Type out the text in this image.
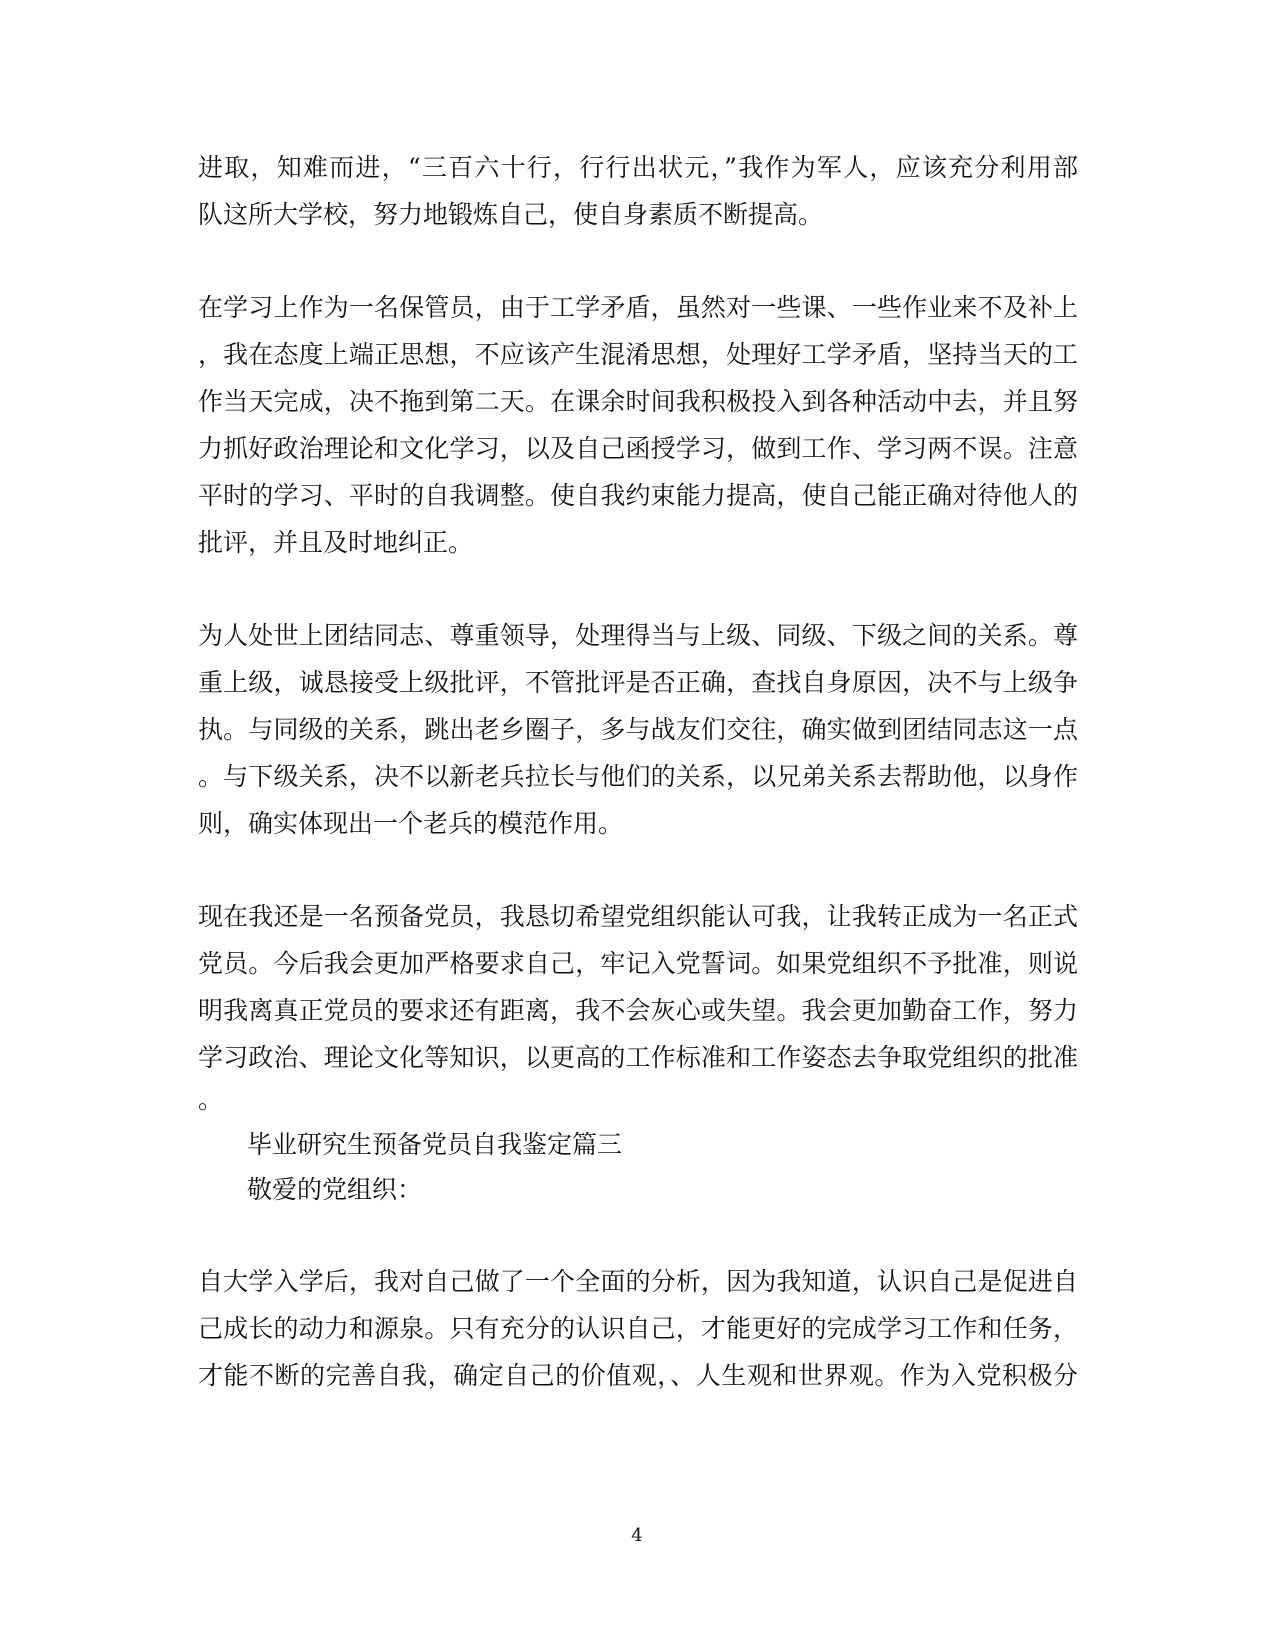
进取，知难而进，“三百六十行，行行出状元，”我作为军人，应该充分利用部
队这所大学校，努力地锻炼自己，使自身素质不断提高。
在学习上作为一名保管员，由于工学矛盾，虽然对一些课、一些作业来不及补上
，我在态度上端正思想，不应该产生混淆思想，处理好工学矛盾，坚持当天的工
作当天完成，决不拖到第二天。在课余时间我积极投入到各种活动中去，并且努
力抓好政治理论和文化学习，以及自己函授学习，做到工作、学习两不误。注意
平时的学习、平时的自我调整。使自我约束能力提高，使自己能正确对待他人的
批评，并且及时地纠正。
为人处世上团结同志、尊重领导，处理得当与上级、同级、下级之间的关系。尊
重上级，诚恳接受上级批评，不管批评是否正确，查找自身原因，决不与上级争
执。与同级的关系，跳出老乡圈子，多与战友们交往，确实做到团结同志这一点
。与下级关系，决不以新老兵拉长与他们的关系，以兄弟关系去帮助他，以身作
则，确实体现出一个老兵的模范作用。
现在我还是一名预备党员，我恳切希望党组织能认可我，让我转正成为一名正式
党员。今后我会更加严格要求自己，牢记入党誓词。如果党组织不予批准，则说
明我离真正党员的要求还有距离，我不会灰心或失望。我会更加勤奋工作，努力
学习政治、理论文化等知识，以更高的工作标准和工作姿态去争取党组织的批准
。
毕业研究生预备党员自我鉴定篇三
敬爱的党组织：
自大学入学后，我对自己做了一个全面的分析，因为我知道，认识自己是促进自
己成长的动力和源泉。只有充分的认识自己，才能更好的完成学习工作和任务，
才能不断的完善自我，确定自己的价值观，、人生观和世界观。作为入党积极分
4
